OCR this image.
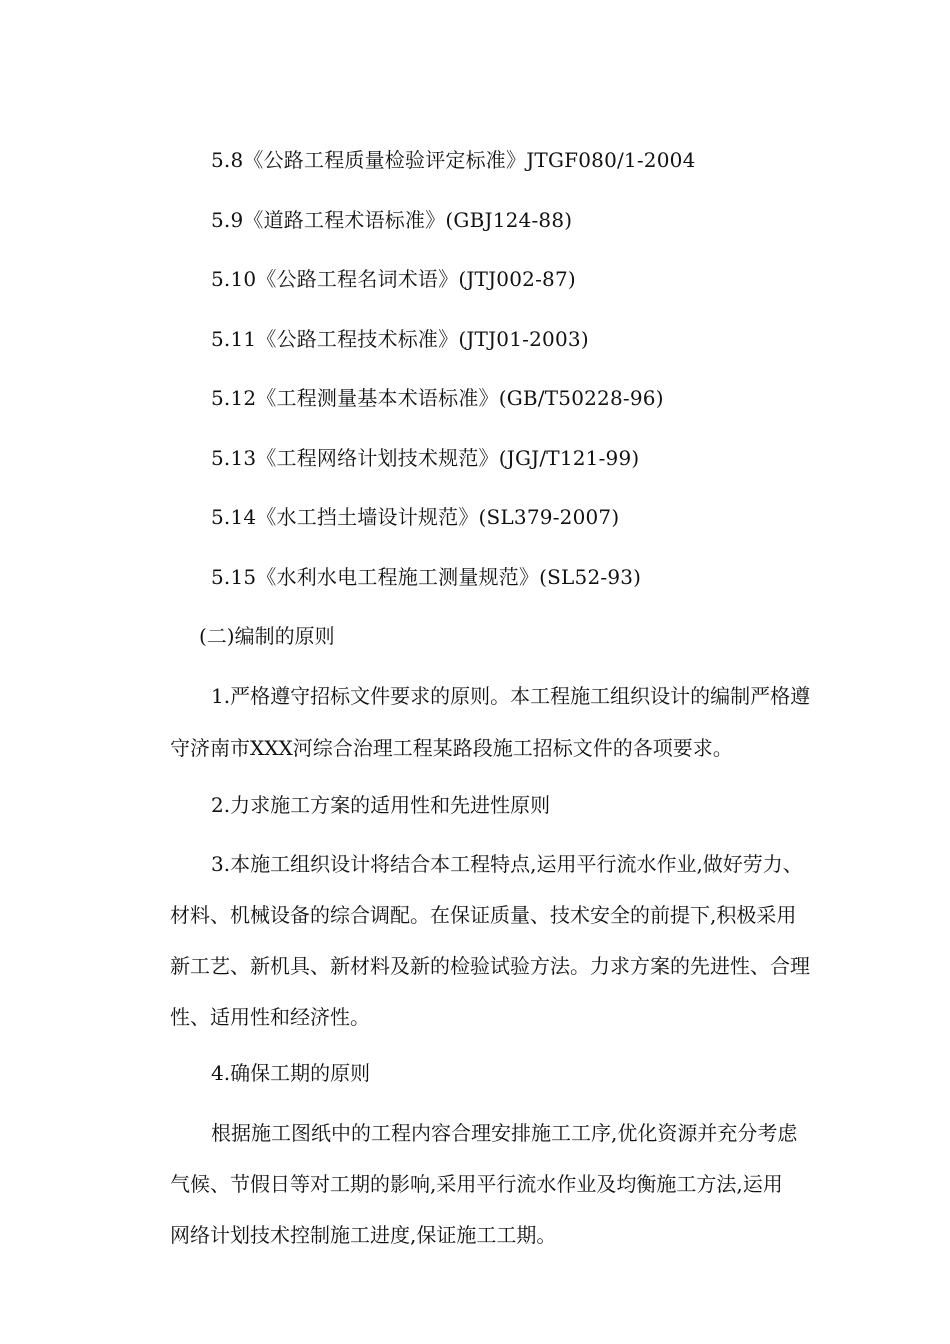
5.8《公路工程质量检验评定标准》JTGF080/1-2004
5.9《道路工程术语标准》(GBJ124-88)
5.10《公路工程名词术语》(JTJ002-87)
5.11《公路工程技术标准》(JTJ01-2003)
5.12《工程测量基本术语标准》(GB/T50228-96)
5.13《工程网络计划技术规范》(JGJ/T121-99)
5.14《水工挡土墙设计规范》(SL379-2007)
5.15《水利水电工程施工测量规范》(SL52-93)
(二)编制的原则
1.严格遵守招标文件要求的原则。本工程施工组织设计的编制严格遵
守济南市XXX河综合治理工程某路段施工招标文件的各项要求。
2.力求施工方案的适用性和先进性原则
3.本施工组织设计将结合本工程特点,运用平行流水作业,做好劳力、
材料、机械设备的综合调配。在保证质量、技术安全的前提下,积极采用
新工艺、新机具、新材料及新的检验试验方法。力求方案的先进性、合理
性、适用性和经济性。
4.确保工期的原则
根据施工图纸中的工程内容合理安排施工工序,优化资源并充分考虑
气候、节假日等对工期的影响,采用平行流水作业及均衡施工方法,运用
网络计划技术控制施工进度,保证施工工期。
